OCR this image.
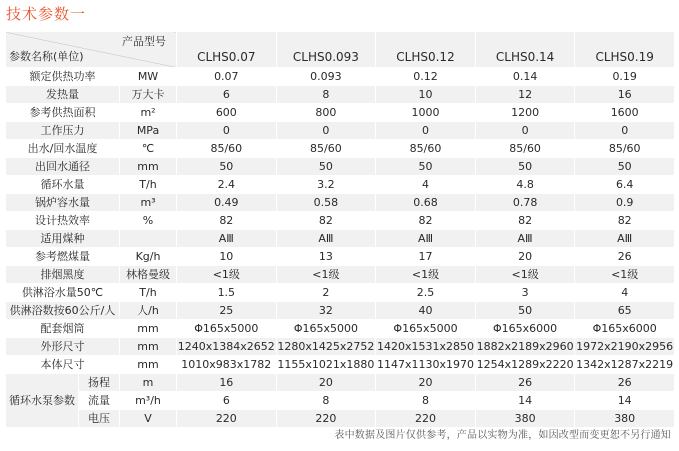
技术参数一
产品型号
参数名称(单位)			CLHS0.07	CLHS0.093	CLHS0.12	CLHS0.14	CLHS0.19
额定供热功率		MW	0.07	0.093	0.12	0.14	0.19
发热量		万大卡	6	8	10	12	16
参考供热面积		m²	600	800	1000	1200	1600
工作压力		MPa	0	0	0	0	0
出水/回水温度		℃	85/60	85/60	85/60	85/60	85/60
出回水通径		mm	50	50	50	50	50
循环水量		T/h	2.4	3.2	4	4.8	6.4
锅炉容水量		m³	0.49	0.58	0.68	0.78	0.9
设计热效率		%	82	82	82	82	82
适用煤种			AⅢ	AⅢ	AⅢ	AⅢ	AⅢ
参考燃煤量		Kg/h	10	13	17	20	26
排烟黑度		林格曼级	<1级	<1级	<1级	<1级	<1级
供淋浴水量50℃		T/h	1.5	2	2.5	3	4
供淋浴数按60公斤/人		人/h	25	32	40	50	65
配套烟筒		mm	Φ165x5000	Φ165x5000	Φ165x5000	Φ165x6000	Φ165x6000
外形尺寸		mm	1240x1384x2652	1280x1425x2752	1420x1531x2850	1882x2189x2960	1972x2190x2956
本体尺寸		mm	1010x983x1782	1155x1021x1880	1147x1130x1970	1254x1289x2220	1342x1287x2219
循环水泵参数	扬程	m	16	20	20	26	26
	流量	m³/h	6	8	8	14	14
	电压	V	220	220	220	380	380
表中数据及图片仅供参考，产品以实物为准，如因改型而变更恕不另行通知
